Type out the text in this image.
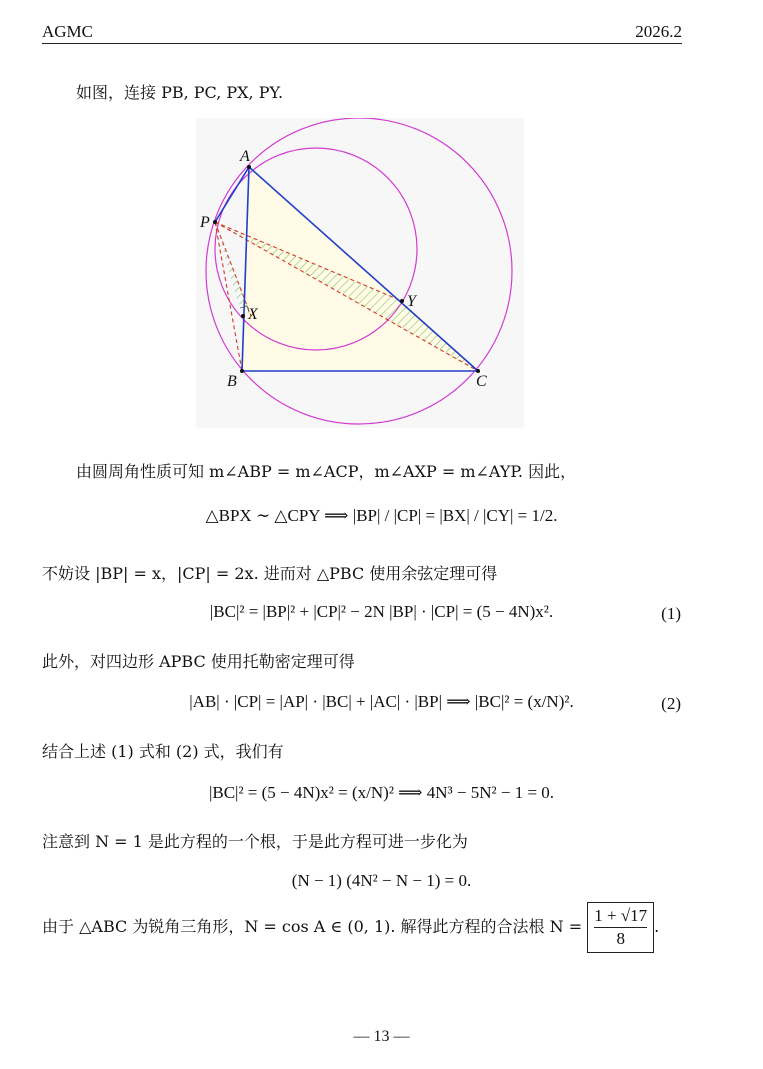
AGMC	2026.2
如图，连接 PB, PC, PX, PY.
A
P
X
Y
B	C
由圆周角性质可知 m∠ABP = m∠ACP，m∠AXP = m∠AYP. 因此，
△BPX ∼ △CPY ⟹ |BP| / |CP| = |BX| / |CY| = 1/2.
不妨设 |BP| = x，|CP| = 2x. 进而对 △PBC 使用余弦定理可得
|BC|² = |BP|² + |CP|² − 2N |BP| · |CP| = (5 − 4N)x².	(1)
此外，对四边形 APBC 使用托勒密定理可得
|AB| · |CP| = |AP| · |BC| + |AC| · |BP| ⟹ |BC|² = (x/N)².	(2)
结合上述 (1) 式和 (2) 式，我们有
|BC|² = (5 − 4N)x² = (x/N)² ⟹ 4N³ − 5N² − 1 = 0.
注意到 N = 1 是此方程的一个根，于是此方程可进一步化为
(N − 1) (4N² − N − 1) = 0.
由于 △ABC 为锐角三角形，N = cos A ∈ (0, 1). 解得此方程的合法根 $N = \frac{1 + √17}{8}$ .
— 13 —
